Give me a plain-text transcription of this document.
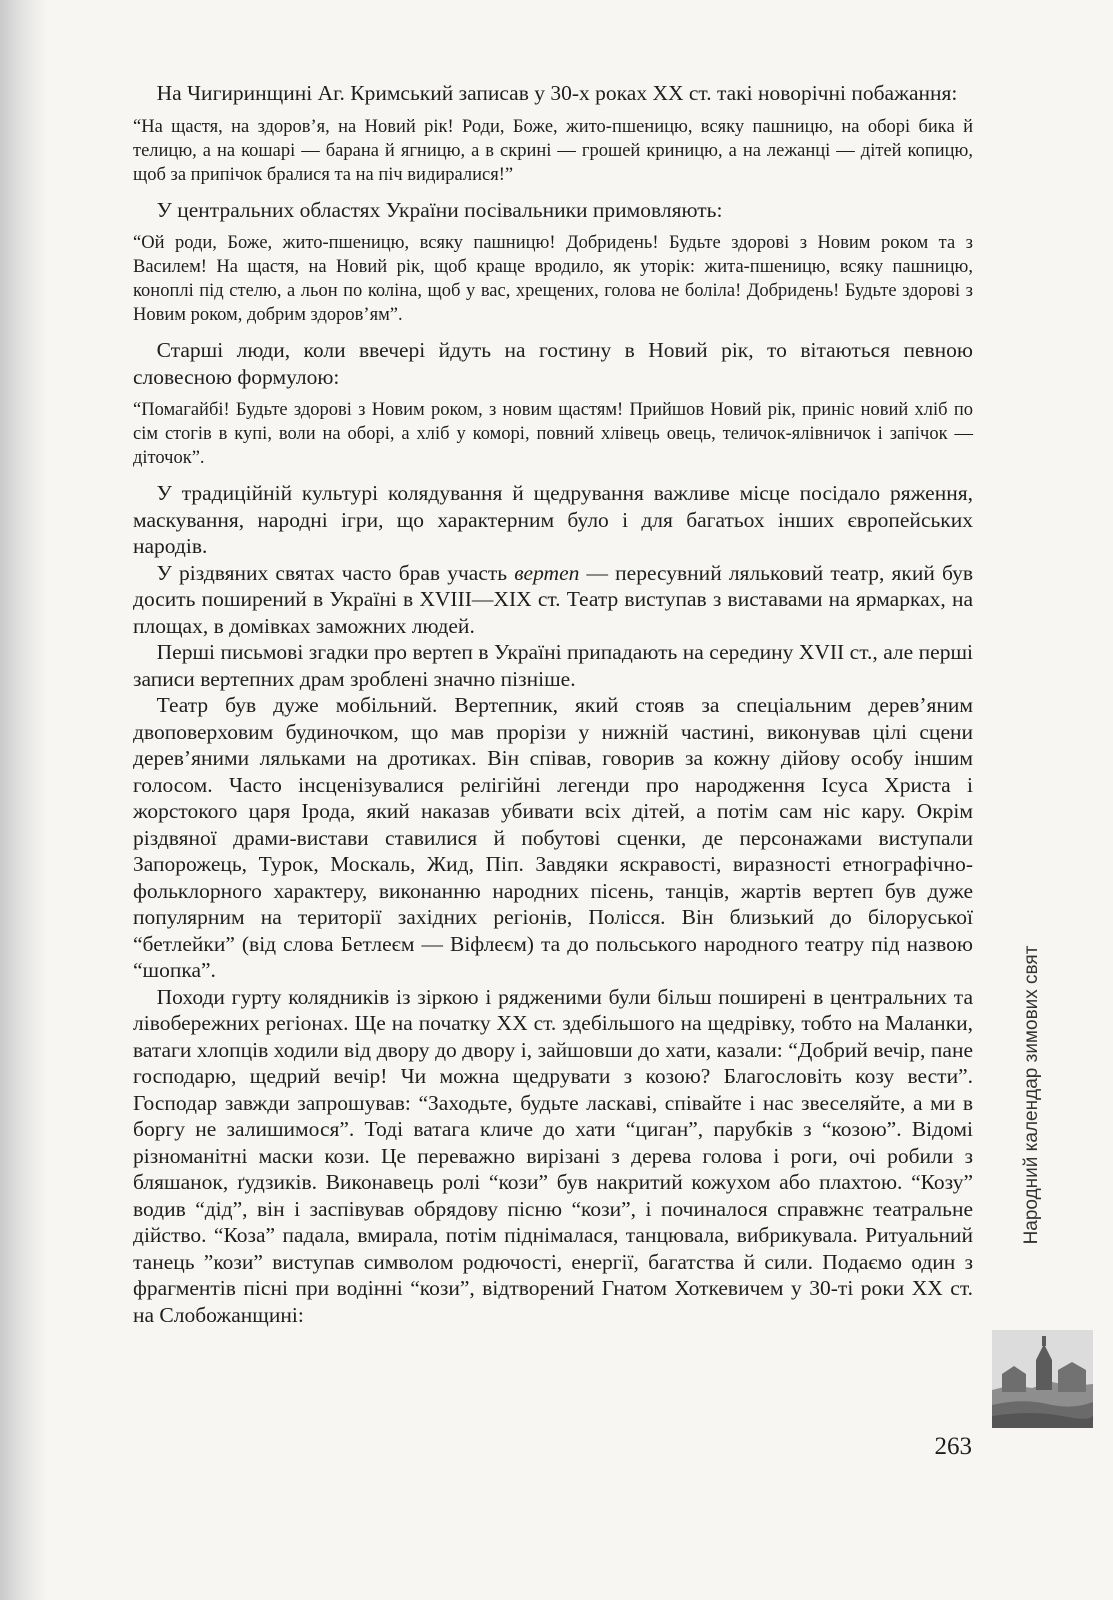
На Чигиринщині Аг. Кримський записав у 30-х роках XX ст. такі новорічні побажання:

“На щастя, на здоров’я, на Новий рік! Роди, Боже, жито-пшеницю, всяку пашницю, на оборі бика й телицю, а на кошарі — барана й ягницю, а в скрині — грошей криницю, а на лежанці — дітей копицю, щоб за припічок бралися та на піч видиралися!”

У центральних областях України посівальники примовляють:

“Ой роди, Боже, жито-пшеницю, всяку пашницю! Добридень! Будьте здорові з Новим роком та з Василем! На щастя, на Новий рік, щоб краще вродило, як уторік: жита-пшеницю, всяку пашницю, коноплі під стелю, а льон по коліна, щоб у вас, хрещених, голова не боліла! Добридень! Будьте здорові з Новим роком, добрим здоров’ям”.

Старші люди, коли ввечері йдуть на гостину в Новий рік, то вітаються певною словесною формулою:

“Помагайбі! Будьте здорові з Новим роком, з новим щастям! Прийшов Новий рік, приніс новий хліб по сім стогів в купі, воли на оборі, а хліб у коморі, повний хлівець овець, теличок-ялівничок і запічок — діточок”.

У традиційній культурі колядування й щедрування важливе місце посідало ряження, маскування, народні ігри, що характерним було і для багатьох інших європейських народів.

У різдвяних святах часто брав участь вертеп — пересувний ляльковий театр, який був досить поширений в Україні в XVIII—XIX ст. Театр виступав з виставами на ярмарках, на площах, в домівках заможних людей.

Перші письмові згадки про вертеп в Україні припадають на середину XVII ст., але перші записи вертепних драм зроблені значно пізніше.

Театр був дуже мобільний. Вертепник, який стояв за спеціальним дерев’яним двоповерховим будиночком, що мав прорізи у нижній частині, виконував цілі сцени дерев’яними ляльками на дротиках. Він співав, говорив за кожну дійову особу іншим голосом. Часто інсценізувалися релігійні легенди про народження Ісуса Христа і жорстокого царя Ірода, який наказав убивати всіх дітей, а потім сам ніс кару. Окрім різдвяної драми-вистави ставилися й побутові сценки, де персонажами виступали Запорожець, Турок, Москаль, Жид, Піп. Завдяки яскравості, виразності етнографічно-фольклорного характеру, виконанню народних пісень, танців, жартів вертеп був дуже популярним на території західних регіонів, Полісся. Він близький до білоруської “бетлейки” (від слова Бетлеєм — Віфлеєм) та до польського народного театру під назвою “шопка”.

Походи гурту колядників із зіркою і рядженими були більш поширені в центральних та лівобережних регіонах. Ще на початку XX ст. здебільшого на щедрівку, тобто на Маланки, ватаги хлопців ходили від двору до двору і, зайшовши до хати, казали: “Добрий вечір, пане господарю, щедрий вечір! Чи можна щедрувати з козою? Благословіть козу вести”. Господар завжди запрошував: “Заходьте, будьте ласкаві, співайте і нас звеселяйте, а ми в боргу не залишимося”. Тоді ватага кличе до хати “циган”, парубків з “козою”. Відомі різноманітні маски кози. Це переважно вирізані з дерева голова і роги, очі робили з бляшанок, ґудзиків. Виконавець ролі “кози” був накритий кожухом або плахтою. “Козу” водив “дід”, він і заспівував обрядову пісню “кози”, і починалося справжнє театральне дійство. “Коза” падала, вмирала, потім піднімалася, танцювала, вибрикувала. Ритуальний танець ”кози” виступав символом родючості, енергії, багатства й сили. Подаємо один з фрагментів пісні при водінні “кози”, відтворений Гнатом Хоткевичем у 30-ті роки XX ст. на Слобожанщині:

Народний календар зимових свят
263
